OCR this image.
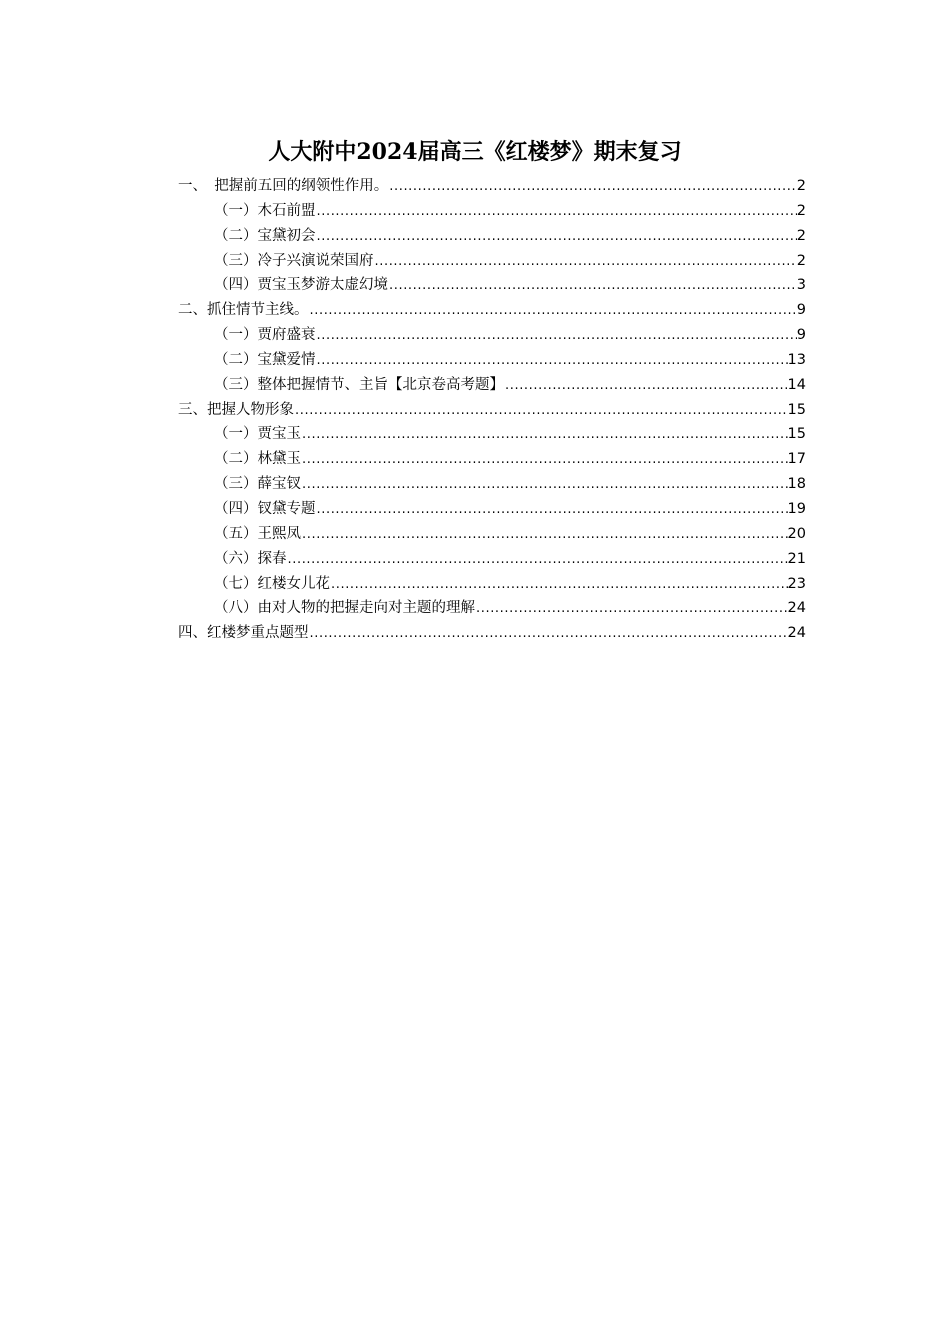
人大附中2024届高三《红楼梦》期末复习
一、　把握前五回的纲领性作用。 .....	2
（一）木石前盟 .....	2
（二）宝黛初会 .....	2
（三）冷子兴演说荣国府 .....	2
（四）贾宝玉梦游太虚幻境 .....	3
二、抓住情节主线。 .....	9
（一）贾府盛衰 .....	9
（二）宝黛爱情 .....	13
（三）整体把握情节、主旨【北京卷高考题】 .....	14
三、把握人物形象 .....	15
（一）贾宝玉 .....	15
（二）林黛玉 .....	17
（三）薛宝钗 .....	18
（四）钗黛专题 .....	19
（五）王熙凤 .....	20
（六）探春 .....	21
（七）红楼女儿花 .....	23
（八）由对人物的把握走向对主题的理解 .....	24
四、红楼梦重点题型 .....	24
